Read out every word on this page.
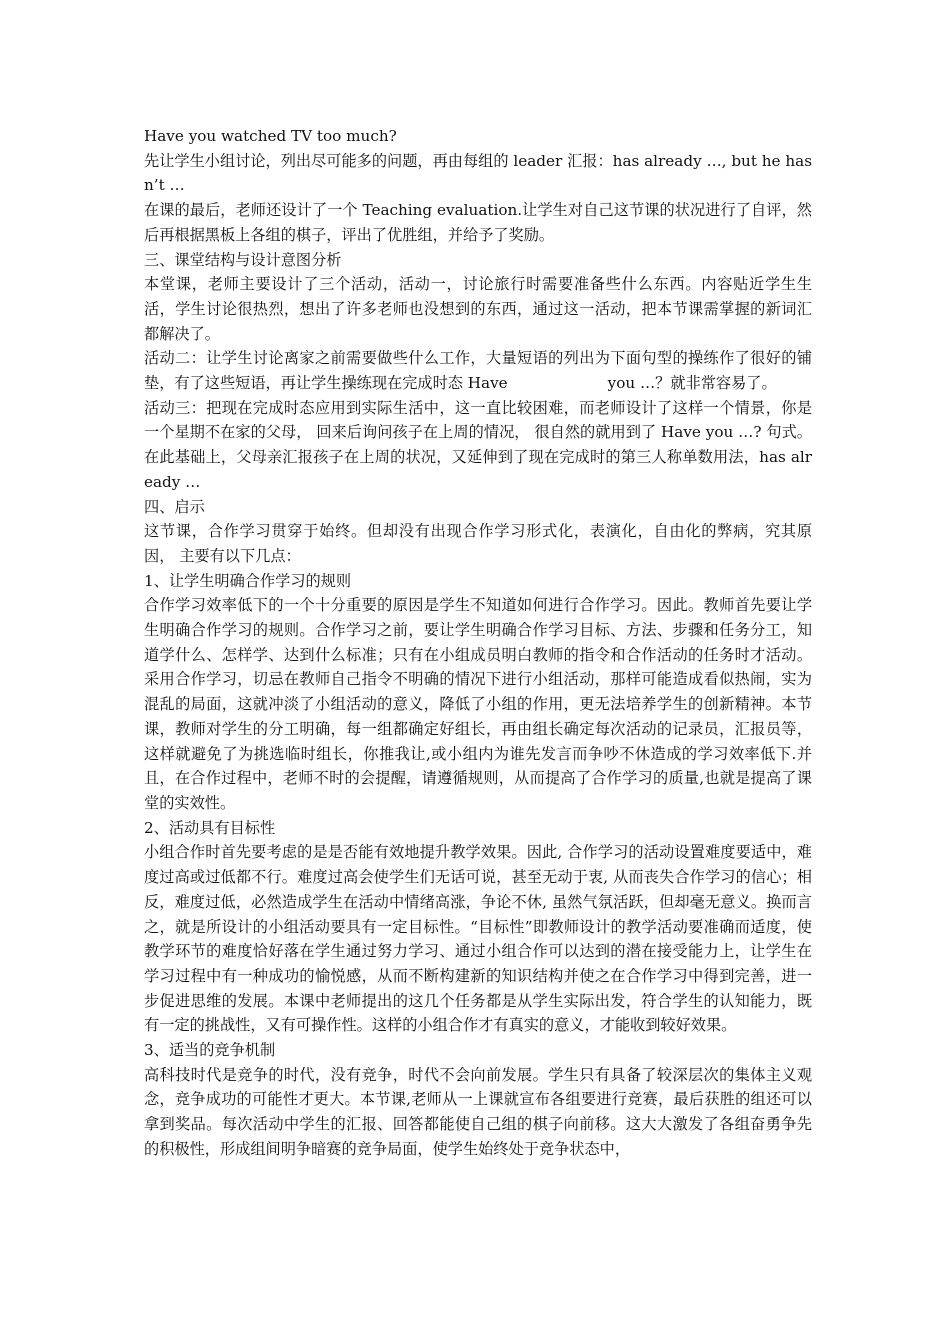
Have you watched TV too much?

先让学生小组讨论，列出尽可能多的问题，再由每组的 leader 汇报：has already …, but he hasn’t …

在课的最后，老师还设计了一个 Teaching evaluation.让学生对自己这节课的状况进行了自评，然后再根据黑板上各组的棋子，评出了优胜组，并给予了奖励。

三、课堂结构与设计意图分析

本堂课，老师主要设计了三个活动，活动一，讨论旅行时需要准备些什么东西。内容贴近学生生活，学生讨论很热烈，想出了许多老师也没想到的东西，通过这一活动，把本节课需掌握的新词汇都解决了。

活动二：让学生讨论离家之前需要做些什么工作，大量短语的列出为下面句型的操练作了很好的铺垫，有了这些短语，再让学生操练现在完成时态 Have	you …？就非常容易了。

活动三：把现在完成时态应用到实际生活中，这一直比较困难，而老师设计了这样一个情景，你是一个星期不在家的父母， 回来后询问孩子在上周的情况， 很自然的就用到了 Have you …? 句式。在此基础上，父母亲汇报孩子在上周的状况，又延伸到了现在完成时的第三人称单数用法，has already …

四、启示

这节课，合作学习贯穿于始终。但却没有出现合作学习形式化，表演化，自由化的弊病，究其原因， 主要有以下几点：

1、让学生明确合作学习的规则

合作学习效率低下的一个十分重要的原因是学生不知道如何进行合作学习。因此。教师首先要让学生明确合作学习的规则。合作学习之前，要让学生明确合作学习目标、方法、步骤和任务分工，知道学什么、怎样学、达到什么标准；只有在小组成员明白教师的指令和合作活动的任务时才活动。采用合作学习，切忌在教师自己指令不明确的情况下进行小组活动，那样可能造成看似热闹，实为混乱的局面，这就冲淡了小组活动的意义，降低了小组的作用，更无法培养学生的创新精神。本节课，教师对学生的分工明确，每一组都确定好组长，再由组长确定每次活动的记录员，汇报员等，这样就避免了为挑选临时组长，你推我让,或小组内为谁先发言而争吵不休造成的学习效率低下.并且，在合作过程中，老师不时的会提醒，请遵循规则，从而提高了合作学习的质量,也就是提高了课堂的实效性。

2、活动具有目标性

小组合作时首先要考虑的是是否能有效地提升教学效果。因此, 合作学习的活动设置难度要适中，难度过高或过低都不行。难度过高会使学生们无话可说，甚至无动于衷, 从而丧失合作学习的信心；相反，难度过低，必然造成学生在活动中情绪高涨，争论不休, 虽然气氛活跃，但却毫无意义。换而言之，就是所设计的小组活动要具有一定目标性。“目标性”即教师设计的教学活动要准确而适度，使教学环节的难度恰好落在学生通过努力学习、通过小组合作可以达到的潜在接受能力上，让学生在学习过程中有一种成功的愉悦感，从而不断构建新的知识结构并使之在合作学习中得到完善，进一步促进思维的发展。本课中老师提出的这几个任务都是从学生实际出发，符合学生的认知能力，既有一定的挑战性，又有可操作性。这样的小组合作才有真实的意义，才能收到较好效果。

3、适当的竞争机制

高科技时代是竞争的时代，没有竞争，时代不会向前发展。学生只有具备了较深层次的集体主义观念，竞争成功的可能性才更大。本节课,老师从一上课就宣布各组要进行竞赛，最后获胜的组还可以拿到奖品。每次活动中学生的汇报、回答都能使自己组的棋子向前移。这大大激发了各组奋勇争先的积极性，形成组间明争暗赛的竞争局面，使学生始终处于竞争状态中，
